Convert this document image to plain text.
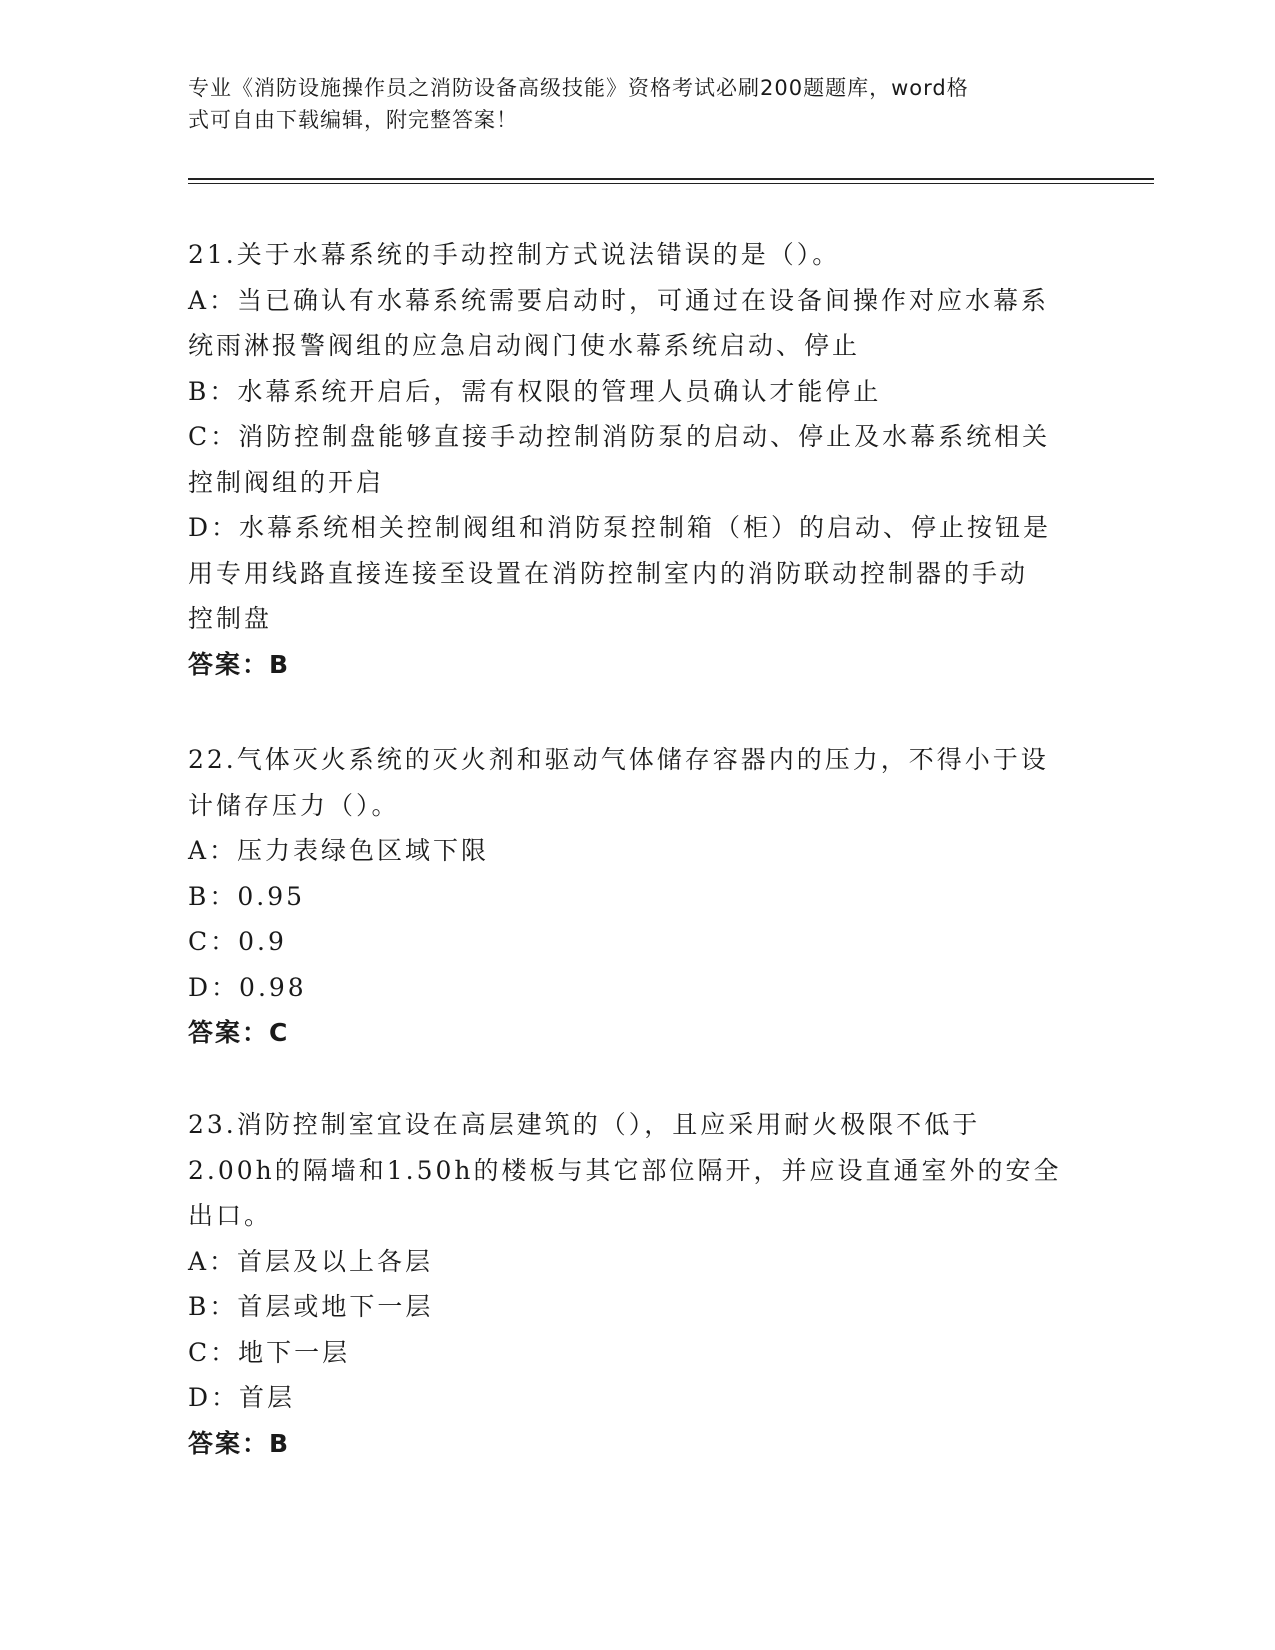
专业《消防设施操作员之消防设备高级技能》资格考试必刷200题题库，word格
式可自由下载编辑，附完整答案！
21.关于水幕系统的手动控制方式说法错误的是（）。
A：当已确认有水幕系统需要启动时，可通过在设备间操作对应水幕系
统雨淋报警阀组的应急启动阀门使水幕系统启动、停止
B：水幕系统开启后，需有权限的管理人员确认才能停止
C：消防控制盘能够直接手动控制消防泵的启动、停止及水幕系统相关
控制阀组的开启
D：水幕系统相关控制阀组和消防泵控制箱（柜）的启动、停止按钮是
用专用线路直接连接至设置在消防控制室内的消防联动控制器的手动
控制盘
答案：B
22.气体灭火系统的灭火剂和驱动气体储存容器内的压力，不得小于设
计储存压力（）。
A：压力表绿色区域下限
B：0.95
C：0.9
D：0.98
答案：C
23.消防控制室宜设在高层建筑的（），且应采用耐火极限不低于
2.00h的隔墙和1.50h的楼板与其它部位隔开，并应设直通室外的安全
出口。
A：首层及以上各层
B：首层或地下一层
C：地下一层
D：首层
答案：B
